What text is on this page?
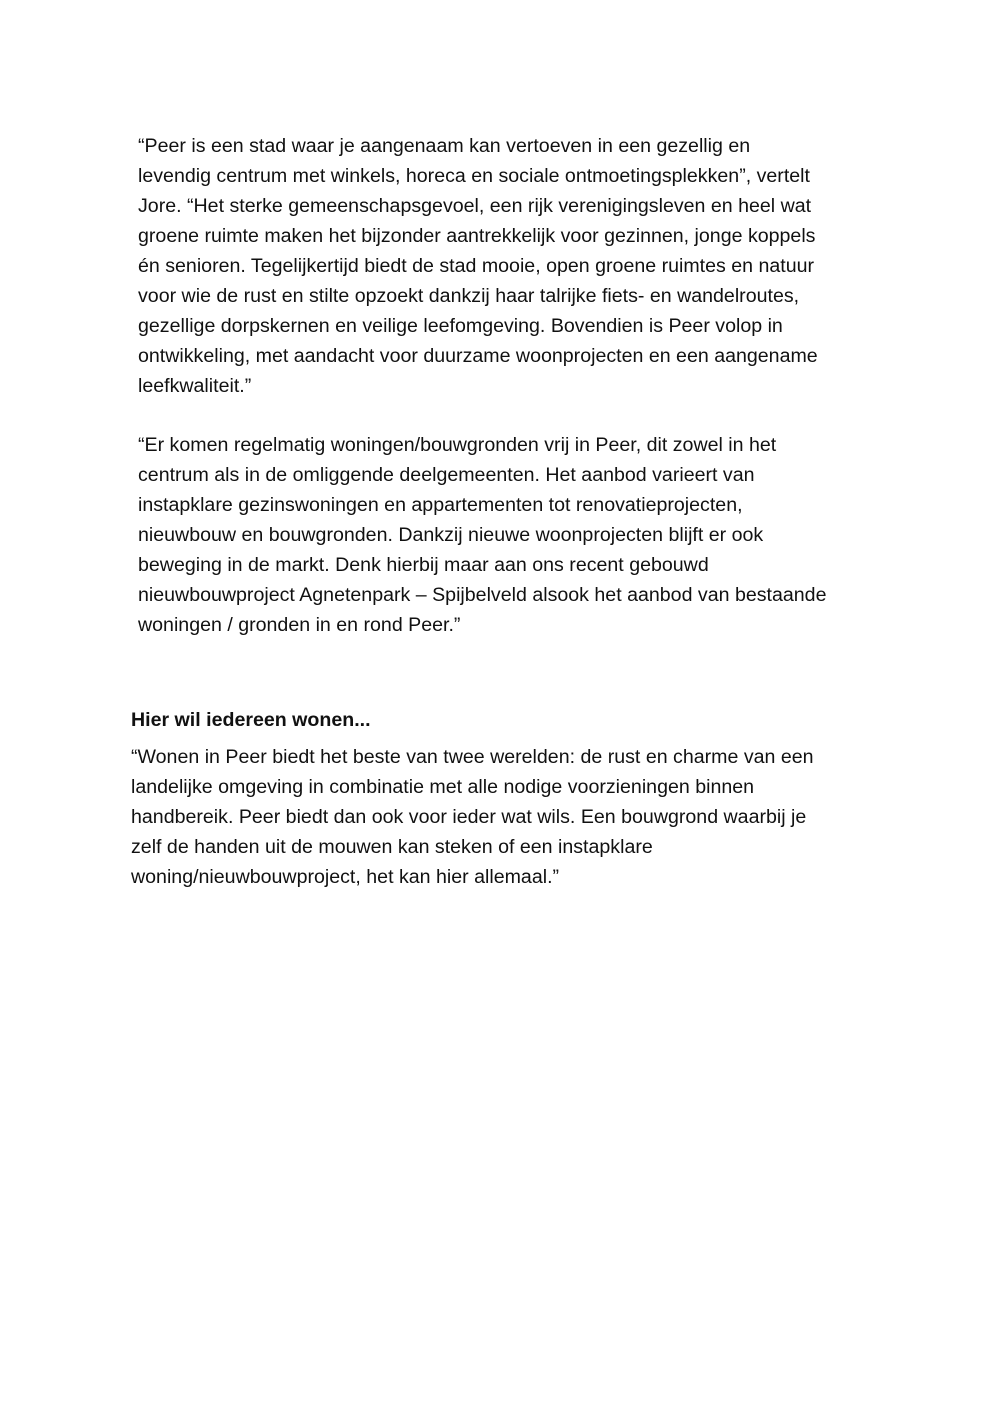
“Peer is een stad waar je aangenaam kan vertoeven in een gezellig en
levendig centrum met winkels, horeca en sociale ontmoetingsplekken”, vertelt
Jore. “Het sterke gemeenschapsgevoel, een rijk verenigingsleven en heel wat
groene ruimte maken het bijzonder aantrekkelijk voor gezinnen, jonge koppels
én senioren. Tegelijkertijd biedt de stad mooie, open groene ruimtes en natuur
voor wie de rust en stilte opzoekt dankzij haar talrijke fiets- en wandelroutes,
gezellige dorpskernen en veilige leefomgeving. Bovendien is Peer volop in
ontwikkeling, met aandacht voor duurzame woonprojecten en een aangename
leefkwaliteit.”

“Er komen regelmatig woningen/bouwgronden vrij in Peer, dit zowel in het
centrum als in de omliggende deelgemeenten. Het aanbod varieert van
instapklare gezinswoningen en appartementen tot renovatieprojecten,
nieuwbouw en bouwgronden. Dankzij nieuwe woonprojecten blijft er ook
beweging in de markt. Denk hierbij maar aan ons recent gebouwd
nieuwbouwproject Agnetenpark – Spijbelveld alsook het aanbod van bestaande
woningen / gronden in en rond Peer.”

Hier wil iedereen wonen...

“Wonen in Peer biedt het beste van twee werelden: de rust en charme van een
landelijke omgeving in combinatie met alle nodige voorzieningen binnen
handbereik. Peer biedt dan ook voor ieder wat wils. Een bouwgrond waarbij je
zelf de handen uit de mouwen kan steken of een instapklare
woning/nieuwbouwproject, het kan hier allemaal.”
